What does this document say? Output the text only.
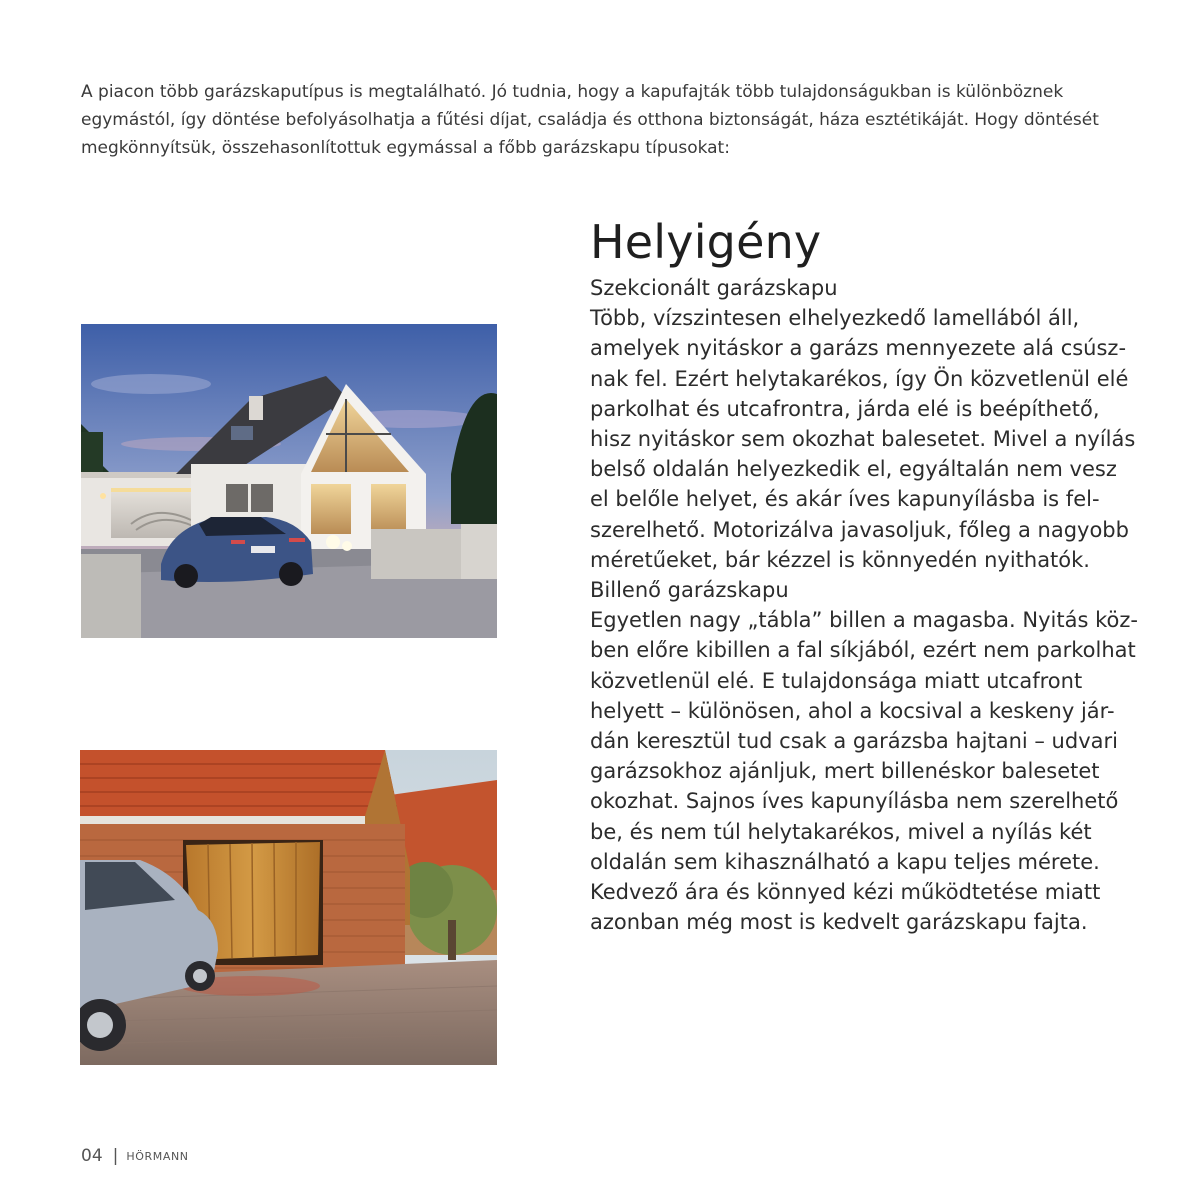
A piacon több garázskaputípus is megtalálható. Jó tudnia, hogy a kapufajták több tulajdonságukban is különböznek
egymástól, így döntése befolyásolhatja a fűtési díjat, családja és otthona biztonságát, háza esztétikáját. Hogy döntését
megkönnyítsük, összehasonlítottuk egymással a főbb garázskapu típusokat:

Helyigény
Szekcionált garázskapu
Több, vízszintesen elhelyezkedő lamellából áll,
amelyek nyitáskor a garázs mennyezete alá csúsz-
nak fel. Ezért helytakarékos, így Ön közvetlenül elé
parkolhat és utcafrontra, járda elé is beépíthető,
hisz nyitáskor sem okozhat balesetet. Mivel a nyílás
belső oldalán helyezkedik el, egyáltalán nem vesz
el belőle helyet, és akár íves kapunyílásba is fel-
szerelhető. Motorizálva javasoljuk, főleg a nagyobb
méretűeket, bár kézzel is könnyedén nyithatók.
Billenő garázskapu
Egyetlen nagy „tábla” billen a magasba. Nyitás köz-
ben előre kibillen a fal síkjából, ezért nem parkolhat
közvetlenül elé. E tulajdonsága miatt utcafront
helyett – különösen, ahol a kocsival a keskeny jár-
dán keresztül tud csak a garázsba hajtani – udvari
garázsokhoz ajánljuk, mert billenéskor balesetet
okozhat. Sajnos íves kapunyílásba nem szerelhető
be, és nem túl helytakarékos, mivel a nyílás két
oldalán sem kihasználható a kapu teljes mérete.
Kedvező ára és könnyed kézi működtetése miatt
azonban még most is kedvelt garázskapu fajta.
04 | HÖRMANN
